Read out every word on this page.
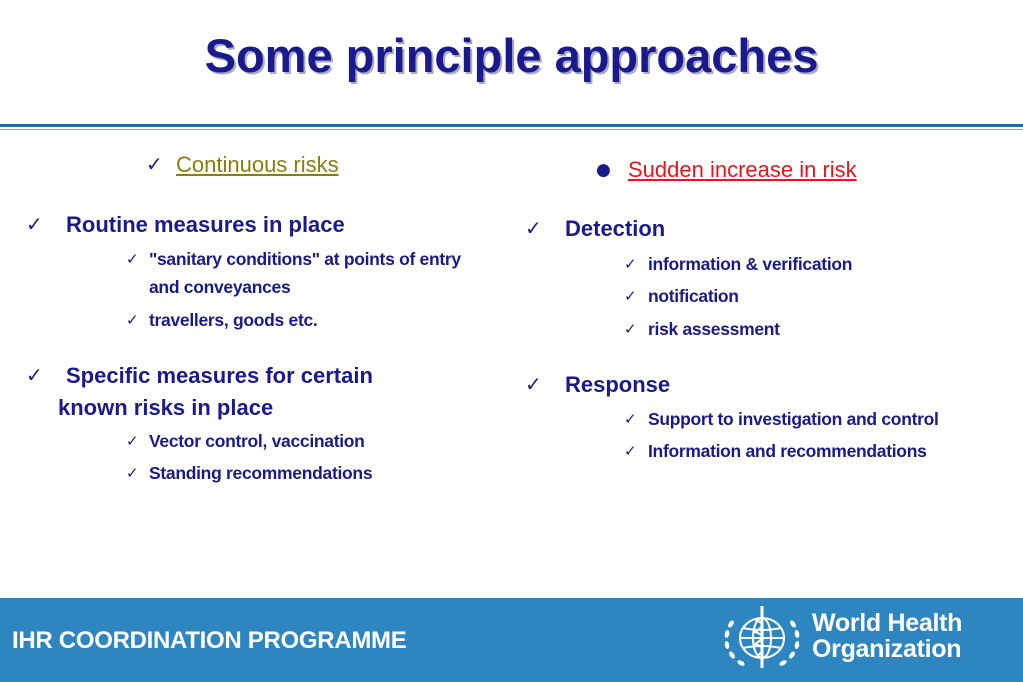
Some principle approaches
✓ Continuous risks
✓ Routine measures in place
✓ "sanitary conditions" at points of entry
and conveyances
✓ travellers, goods etc.
✓ Specific measures for certain
known risks in place
✓ Vector control, vaccination
✓ Standing recommendations
● Sudden increase in risk
✓ Detection
✓ information & verification
✓ notification
✓ risk assessment
✓ Response
✓ Support to investigation and control
✓ Information and recommendations
IHR COORDINATION PROGRAMME
World Health
Organization
